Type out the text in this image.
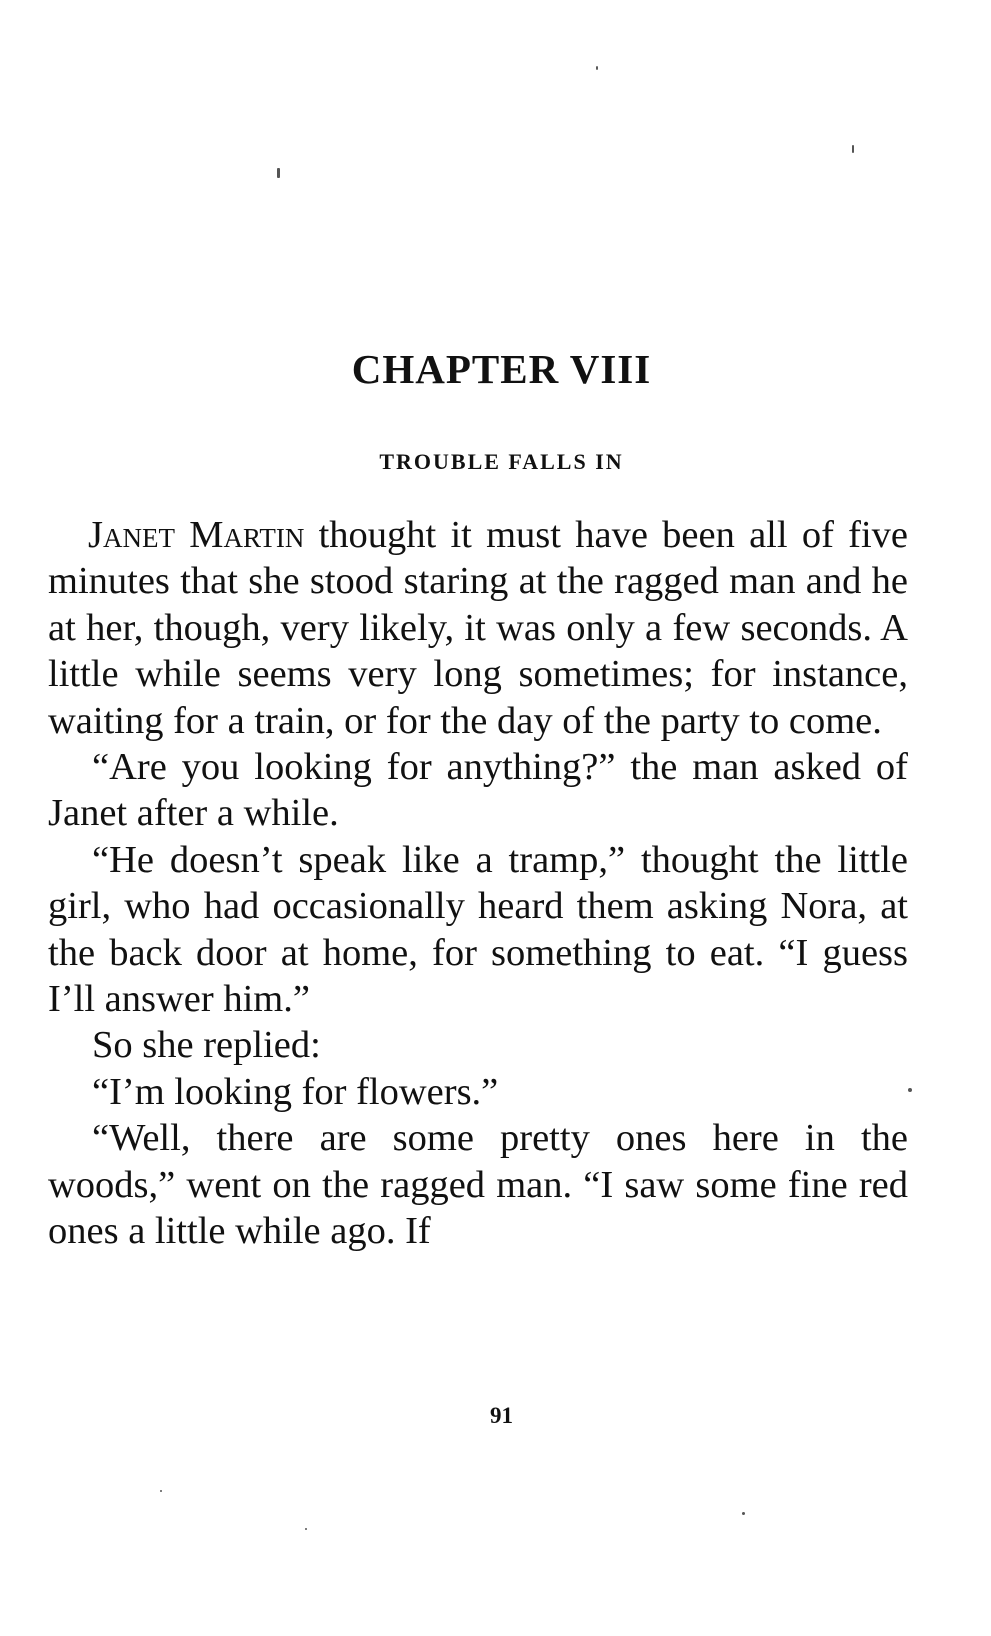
CHAPTER VIII
TROUBLE FALLS IN

Janet Martin thought it must have been all of five minutes that she stood staring at the ragged man and he at her, though, very likely, it was only a few seconds. A little while seems very long sometimes; for instance, waiting for a train, or for the day of the party to come.

“Are you looking for anything?” the man asked of Janet after a while.

“He doesn’t speak like a tramp,” thought the little girl, who had occasionally heard them asking Nora, at the back door at home, for something to eat. “I guess I’ll answer him.”

So she replied:

“I’m looking for flowers.”

“Well, there are some pretty ones here in the woods,” went on the ragged man. “I saw some fine red ones a little while ago. If

91
